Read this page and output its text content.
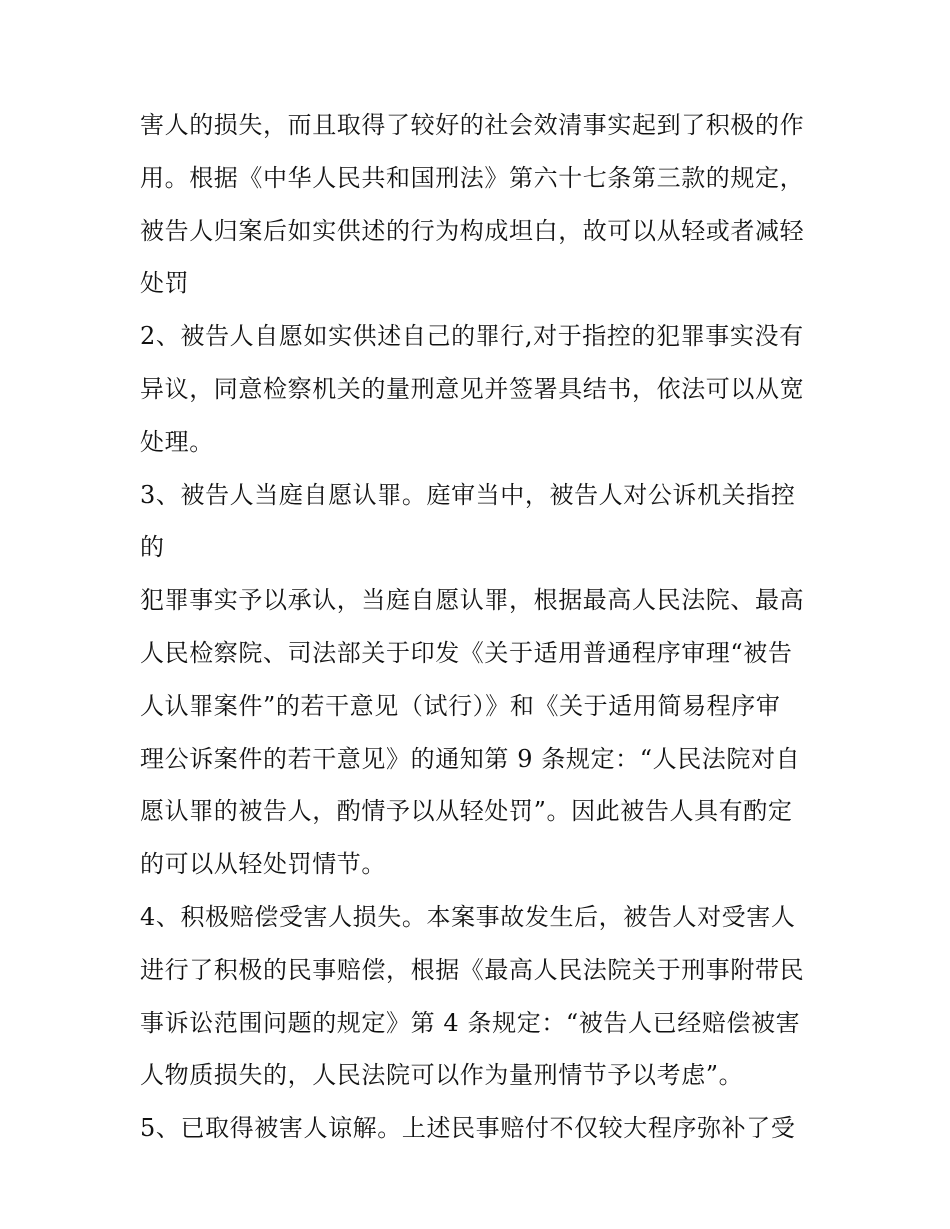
害人的损失，而且取得了较好的社会效清事实起到了积极的作
用。根据《中华人民共和国刑法》第六十七条第三款的规定，
被告人归案后如实供述的行为构成坦白，故可以从轻或者减轻
处罚
2、被告人自愿如实供述自己的罪行,对于指控的犯罪事实没有
异议，同意检察机关的量刑意见并签署具结书，依法可以从宽
处理。
3、被告人当庭自愿认罪。庭审当中，被告人对公诉机关指控
的
犯罪事实予以承认，当庭自愿认罪，根据最高人民法院、最高
人民检察院、司法部关于印发《关于适用普通程序审理“被告
人认罪案件”的若干意见（试行）》和《关于适用简易程序审
理公诉案件的若干意见》的通知第 9 条规定：“人民法院对自
愿认罪的被告人，酌情予以从轻处罚”。因此被告人具有酌定
的可以从轻处罚情节。
4、积极赔偿受害人损失。本案事故发生后，被告人对受害人
进行了积极的民事赔偿，根据《最高人民法院关于刑事附带民
事诉讼范围问题的规定》第 4 条规定：“被告人已经赔偿被害
人物质损失的，人民法院可以作为量刑情节予以考虑”。
5、已取得被害人谅解。上述民事赔付不仅较大程序弥补了受
